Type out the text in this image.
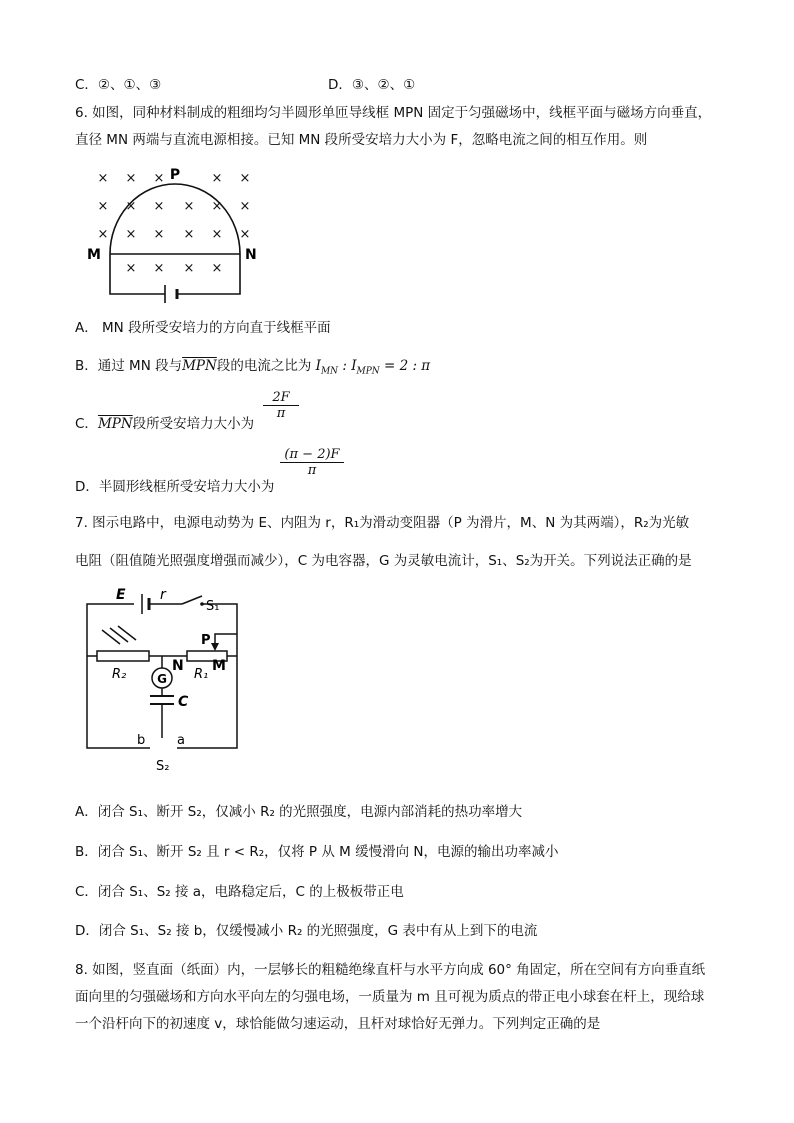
C．②、①、③	D．③、②、①
6. 如图，同种材料制成的粗细均匀半圆形单匝导线框 MPN 固定于匀强磁场中，线框平面与磁场方向垂直，
直径 MN 两端与直流电源相接。已知 MN 段所受安培力大小为 F，忽略电流之间的相互作用。则
× × ×	× ×
× × × × × ×
× × × × × ×
× × × ×
P
M	N
A． MN 段所受安培力的方向直于线框平面
B．通过 MN 段与$\overline{MPN}$段的电流之比为 $I_{MN}$ : $I_{MPN} = 2$ : π
C．$\overline{MPN}$段所受安培力大小为
$\frac{2F}{\pi}$
D．半圆形线框所受安培力大小为
$\frac{(\pi - 2)F}{\pi}$
7. 图示电路中，电源电动势为 E、内阻为 r，R₁为滑动变阻器（P 为滑片，M、N 为其两端），R₂为光敏
电阻（阻值随光照强度增强而减少），C 为电容器，G 为灵敏电流计，S₁、S₂为开关。下列说法正确的是
E r
S₁
P
R₂
N
R₁
M
G
C
b a
S₂
A．闭合 S₁、断开 S₂，仅减小 R₂ 的光照强度，电源内部消耗的热功率增大
B．闭合 S₁、断开 S₂ 且 r < R₂，仅将 P 从 M 缓慢滑向 N，电源的输出功率减小
C．闭合 S₁、S₂ 接 a，电路稳定后，C 的上极板带正电
D．闭合 S₁、S₂ 接 b，仅缓慢减小 R₂ 的光照强度，G 表中有从上到下的电流
8. 如图，竖直面（纸面）内，一层够长的粗糙绝缘直杆与水平方向成 60° 角固定，所在空间有方向垂直纸
面向里的匀强磁场和方向水平向左的匀强电场，一质量为 m 且可视为质点的带正电小球套在杆上，现给球
一个沿杆向下的初速度 v，球恰能做匀速运动，且杆对球恰好无弹力。下列判定正确的是
